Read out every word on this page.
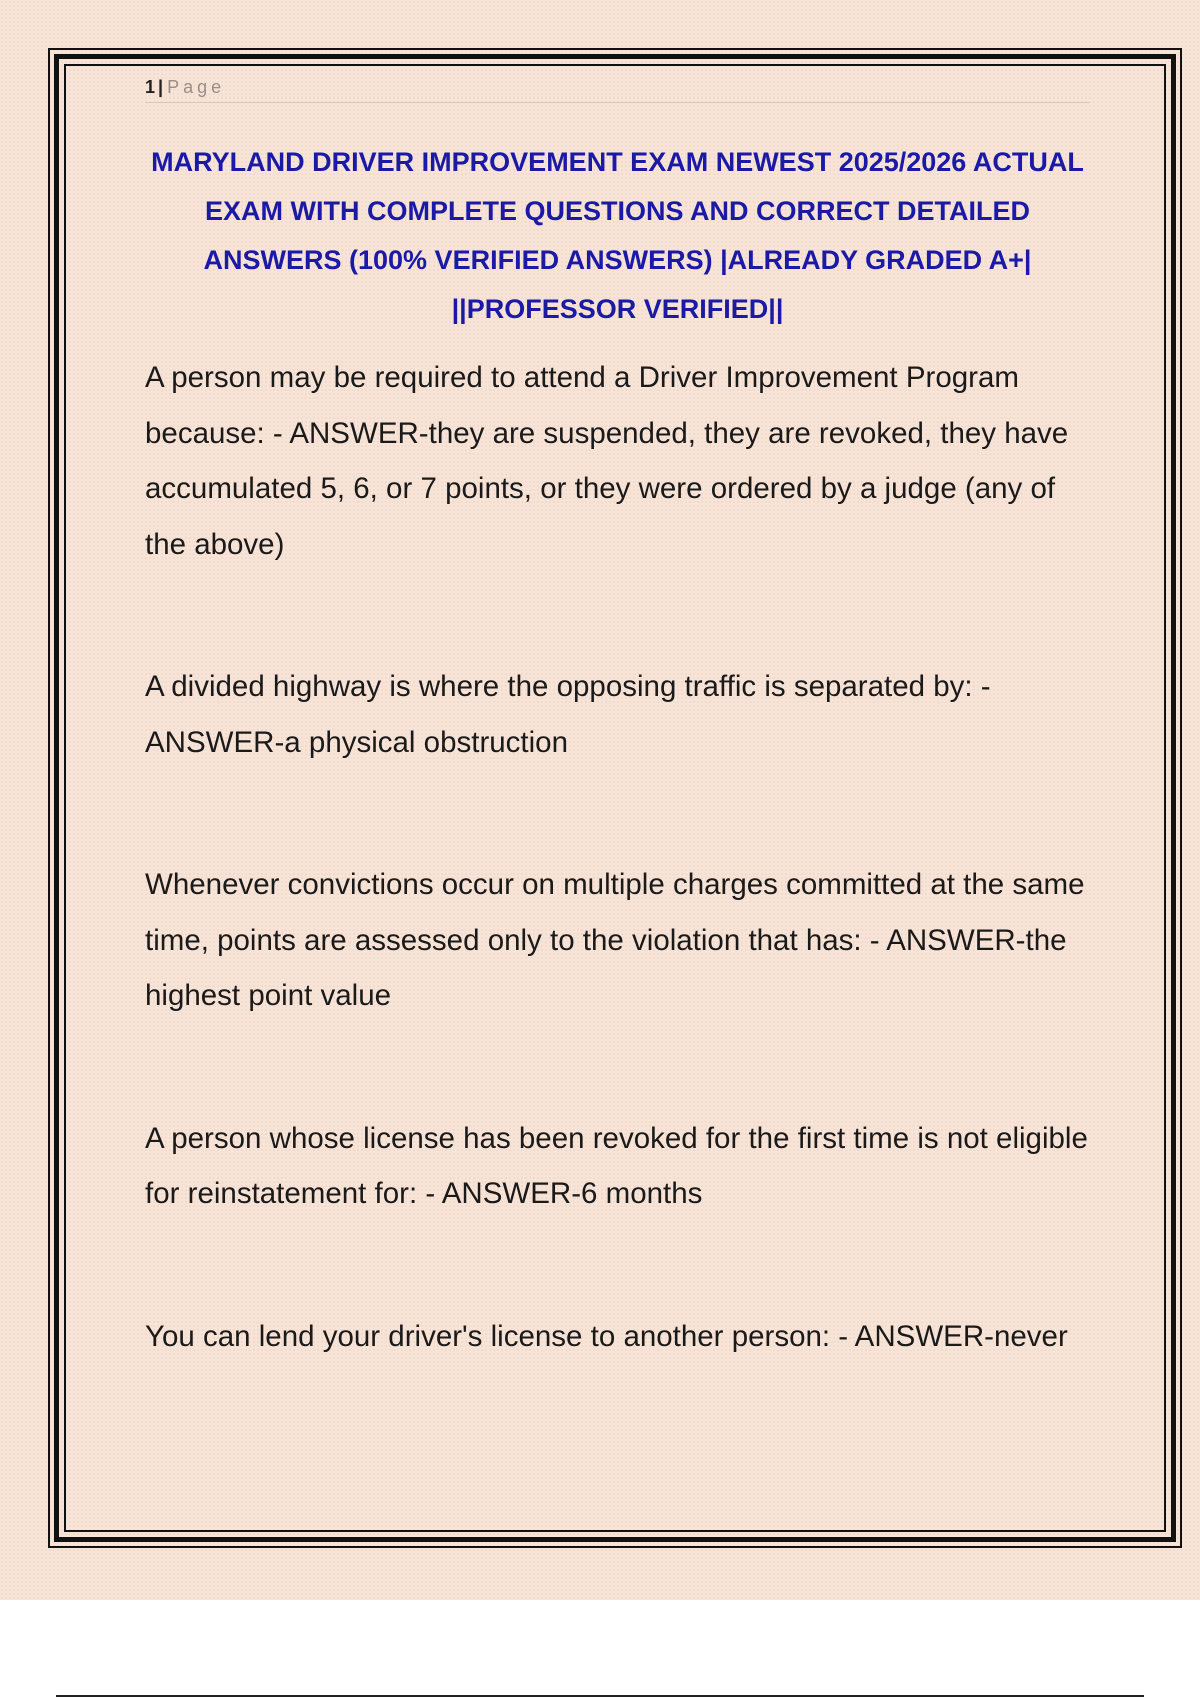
1 | Page
MARYLAND DRIVER IMPROVEMENT EXAM NEWEST 2025/2026 ACTUAL EXAM WITH COMPLETE QUESTIONS AND CORRECT DETAILED ANSWERS (100% VERIFIED ANSWERS) |ALREADY GRADED A+| ||PROFESSOR VERIFIED||

A person may be required to attend a Driver Improvement Program because: - ANSWER-they are suspended, they are revoked, they have accumulated 5, 6, or 7 points, or they were ordered by a judge (any of the above)

A divided highway is where the opposing traffic is separated by: - ANSWER-a physical obstruction

Whenever convictions occur on multiple charges committed at the same time, points are assessed only to the violation that has: - ANSWER-the highest point value

A person whose license has been revoked for the first time is not eligible for reinstatement for: - ANSWER-6 months

You can lend your driver's license to another person: - ANSWER-never
